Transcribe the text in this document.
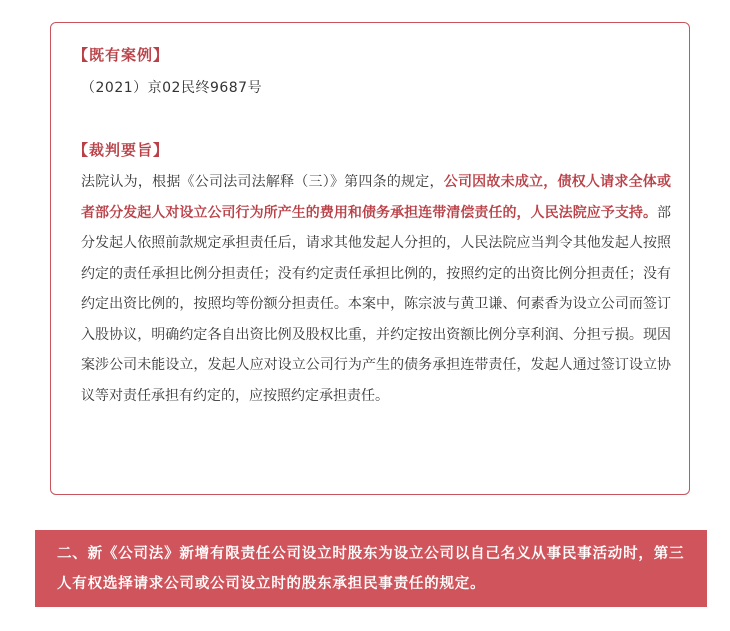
【既有案例】
（2021）京02民终9687号
【裁判要旨】
法院认为，根据《公司法司法解释（三）》第四条的规定，公司因故未成立，债权人请求全体或者部分发起人对设立公司行为所产生的费用和债务承担连带清偿责任的，人民法院应予支持。部分发起人依照前款规定承担责任后，请求其他发起人分担的，人民法院应当判令其他发起人按照约定的责任承担比例分担责任；没有约定责任承担比例的，按照约定的出资比例分担责任；没有约定出资比例的，按照均等份额分担责任。本案中，陈宗波与黄卫谦、何素香为设立公司而签订入股协议，明确约定各自出资比例及股权比重，并约定按出资额比例分享利润、分担亏损。现因案涉公司未能设立，发起人应对设立公司行为产生的债务承担连带责任，发起人通过签订设立协议等对责任承担有约定的，应按照约定承担责任。
二、新《公司法》新增有限责任公司设立时股东为设立公司以自己名义从事民事活动时，第三人有权选择请求公司或公司设立时的股东承担民事责任的规定。
